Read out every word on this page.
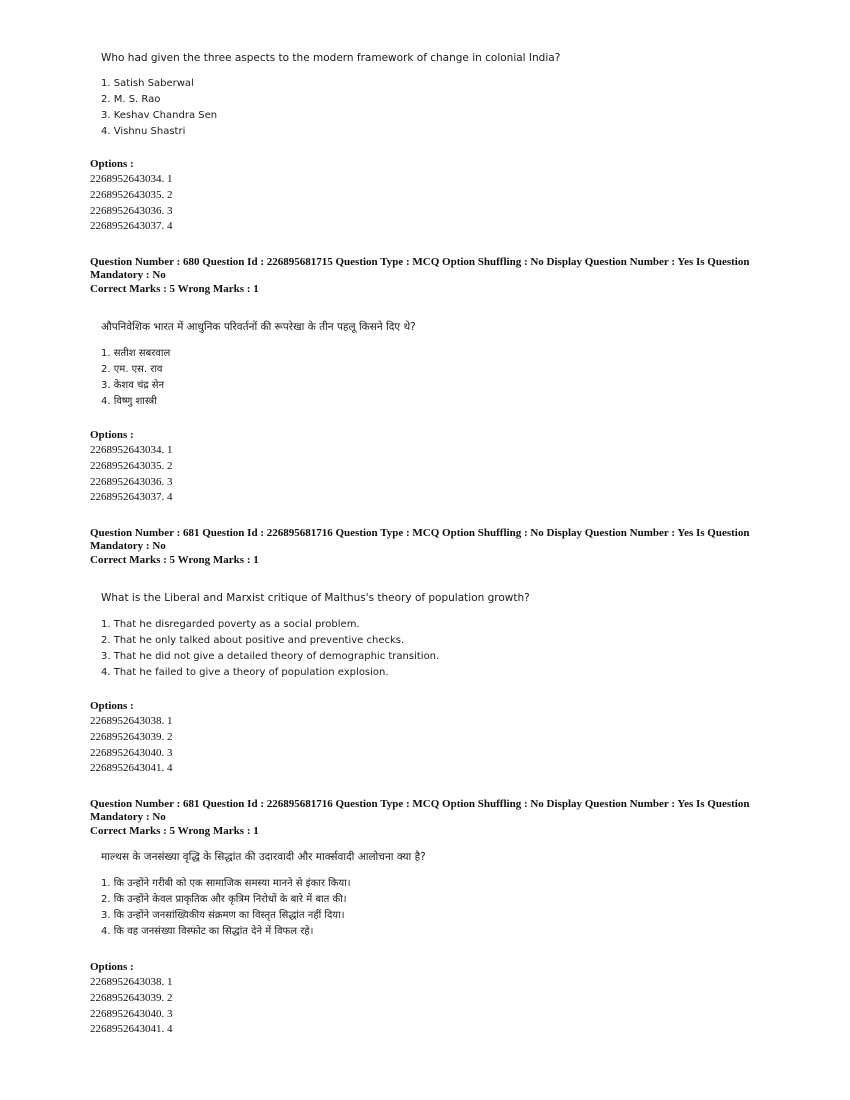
Who had given the three aspects to the modern framework of change in colonial India?
1. Satish Saberwal
2. M. S. Rao
3. Keshav Chandra Sen
4. Vishnu Shastri
Options :
2268952643034. 1
2268952643035. 2
2268952643036. 3
2268952643037. 4
Question Number : 680 Question Id : 226895681715 Question Type : MCQ Option Shuffling : No Display Question Number : Yes Is Question Mandatory : No
Correct Marks : 5 Wrong Marks : 1
औपनिवेशिक भारत में आधुनिक परिवर्तनों की रूपरेखा के तीन पहलू किसने दिए थे?
1. सतीश सबरवाल
2. एम. एस. राव
3. केशव चंद्र सेन
4. विष्णु शास्त्री
Options :
2268952643034. 1
2268952643035. 2
2268952643036. 3
2268952643037. 4
Question Number : 681 Question Id : 226895681716 Question Type : MCQ Option Shuffling : No Display Question Number : Yes Is Question Mandatory : No
Correct Marks : 5 Wrong Marks : 1
What is the Liberal and Marxist critique of Malthus's theory of population growth?
1. That he disregarded poverty as a social problem.
2. That he only talked about positive and preventive checks.
3. That he did not give a detailed theory of demographic transition.
4. That he failed to give a theory of population explosion.
Options :
2268952643038. 1
2268952643039. 2
2268952643040. 3
2268952643041. 4
Question Number : 681 Question Id : 226895681716 Question Type : MCQ Option Shuffling : No Display Question Number : Yes Is Question Mandatory : No
Correct Marks : 5 Wrong Marks : 1
माल्थस के जनसंख्या वृद्धि के सिद्धांत की उदारवादी और मार्क्सवादी आलोचना क्या है?
1. कि उन्होंने गरीबी को एक सामाजिक समस्या मानने से इंकार किया।
2. कि उन्होंने केवल प्राकृतिक और कृत्रिम निरोधों के बारे में बात की।
3. कि उन्होंने जनसांख्यिकीय संक्रमण का विस्तृत सिद्धांत नहीं दिया।
4. कि वह जनसंख्या विस्फोट का सिद्धांत देने में विफल रहे।
Options :
2268952643038. 1
2268952643039. 2
2268952643040. 3
2268952643041. 4
